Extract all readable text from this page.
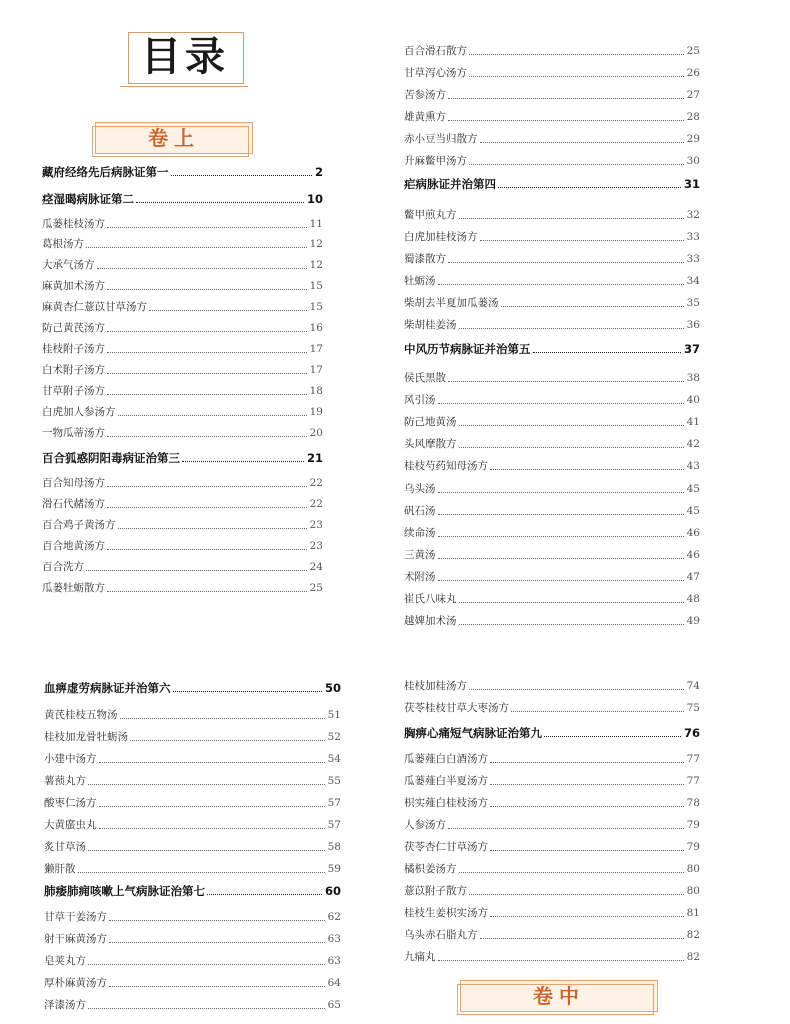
目录
卷上
藏府经络先后病脉证第一	2
痉湿暍病脉证第二	10
瓜蒌桂枝汤方	11
葛根汤方	12
大承气汤方	12
麻黄加术汤方	15
麻黄杏仁薏苡甘草汤方	15
防己黄芪汤方	16
桂枝附子汤方	17
白术附子汤方	17
甘草附子汤方	18
白虎加人参汤方	19
一物瓜蒂汤方	20
百合狐惑阴阳毒病证治第三	21
百合知母汤方	22
滑石代赭汤方	22
百合鸡子黄汤方	23
百合地黄汤方	23
百合洗方	24
瓜蒌牡蛎散方	25
百合滑石散方	25
甘草泻心汤方	26
苦参汤方	27
雄黄熏方	28
赤小豆当归散方	29
升麻鳖甲汤方	30
疟病脉证并治第四	31
鳖甲煎丸方	32
白虎加桂枝汤方	33
蜀漆散方	33
牡蛎汤	34
柴胡去半夏加瓜蒌汤	35
柴胡桂姜汤	36
中风历节病脉证并治第五	37
侯氏黑散	38
风引汤	40
防己地黄汤	41
头风摩散方	42
桂枝芍药知母汤方	43
乌头汤	45
矾石汤	45
续命汤	46
三黄汤	46
术附汤	47
崔氏八味丸	48
越婢加术汤	49
血痹虚劳病脉证并治第六	50
黄芪桂枝五物汤	51
桂枝加龙骨牡蛎汤	52
小建中汤方	54
薯蓣丸方	55
酸枣仁汤方	57
大黄䗪虫丸	57
炙甘草汤	58
獭肝散	59
肺痿肺痈咳嗽上气病脉证治第七	60
甘草干姜汤方	62
射干麻黄汤方	63
皂荚丸方	63
厚朴麻黄汤方	64
泽漆汤方	65
桂枝加桂汤方	74
茯苓桂枝甘草大枣汤方	75
胸痹心痛短气病脉证治第九	76
瓜蒌薤白白酒汤方	77
瓜蒌薤白半夏汤方	77
枳实薤白桂枝汤方	78
人参汤方	79
茯苓杏仁甘草汤方	79
橘枳姜汤方	80
薏苡附子散方	80
桂枝生姜枳实汤方	81
乌头赤石脂丸方	82
九痛丸	82
卷中
